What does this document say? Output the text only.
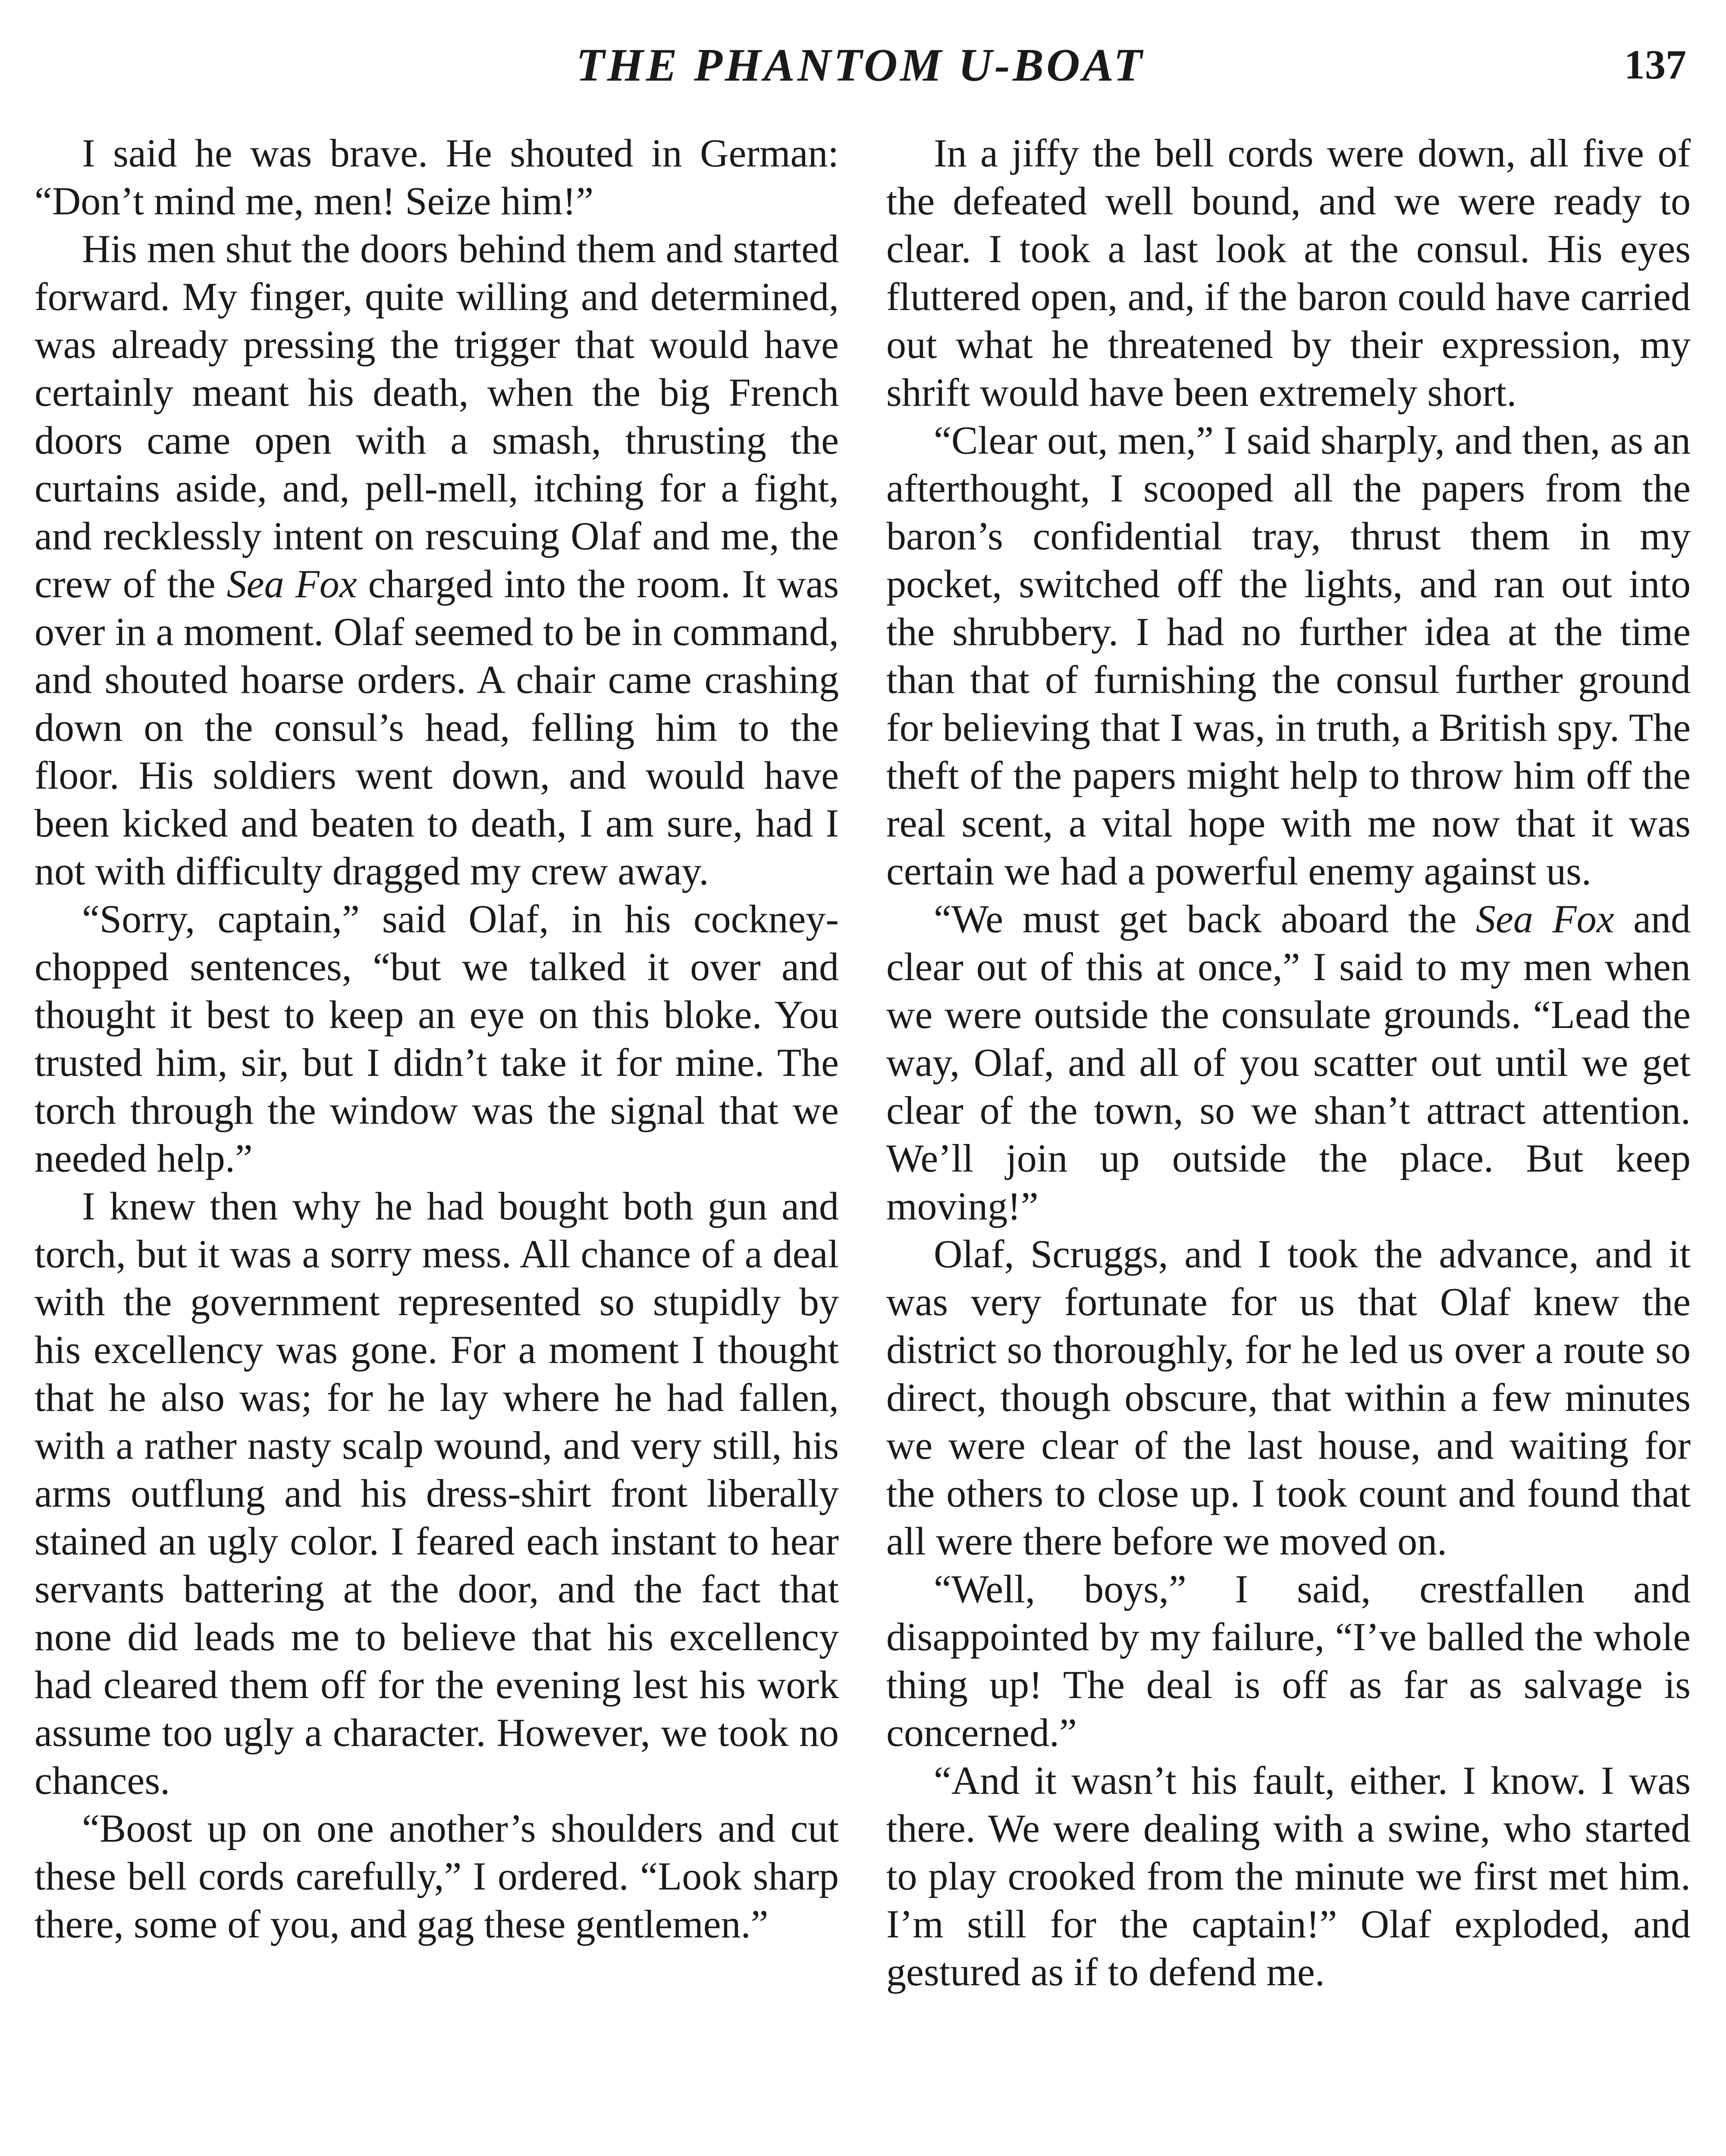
THE PHANTOM U-BOAT	137

I said he was brave. He shouted in German: “Don’t mind me, men! Seize him!”

His men shut the doors behind them and started forward. My finger, quite willing and determined, was already pressing the trigger that would have certainly meant his death, when the big French doors came open with a smash, thrusting the curtains aside, and, pell-mell, itching for a fight, and recklessly intent on rescuing Olaf and me, the crew of the Sea Fox charged into the room. It was over in a moment. Olaf seemed to be in command, and shouted hoarse orders. A chair came crashing down on the consul’s head, felling him to the floor. His soldiers went down, and would have been kicked and beaten to death, I am sure, had I not with difficulty dragged my crew away.

“Sorry, captain,” said Olaf, in his cockney-chopped sentences, “but we talked it over and thought it best to keep an eye on this bloke. You trusted him, sir, but I didn’t take it for mine. The torch through the window was the signal that we needed help.”

I knew then why he had bought both gun and torch, but it was a sorry mess. All chance of a deal with the government represented so stupidly by his excellency was gone. For a moment I thought that he also was; for he lay where he had fallen, with a rather nasty scalp wound, and very still, his arms outflung and his dress-shirt front liberally stained an ugly color. I feared each instant to hear servants battering at the door, and the fact that none did leads me to believe that his excellency had cleared them off for the evening lest his work assume too ugly a character. However, we took no chances.

“Boost up on one another’s shoulders and cut these bell cords carefully,” I ordered. “Look sharp there, some of you, and gag these gentlemen.”

In a jiffy the bell cords were down, all five of the defeated well bound, and we were ready to clear. I took a last look at the consul. His eyes fluttered open, and, if the baron could have carried out what he threatened by their expression, my shrift would have been extremely short.

“Clear out, men,” I said sharply, and then, as an afterthought, I scooped all the papers from the baron’s confidential tray, thrust them in my pocket, switched off the lights, and ran out into the shrubbery. I had no further idea at the time than that of furnishing the consul further ground for believing that I was, in truth, a British spy. The theft of the papers might help to throw him off the real scent, a vital hope with me now that it was certain we had a powerful enemy against us.

“We must get back aboard the Sea Fox and clear out of this at once,” I said to my men when we were outside the consulate grounds. “Lead the way, Olaf, and all of you scatter out until we get clear of the town, so we shan’t attract attention. We’ll join up outside the place. But keep moving!”

Olaf, Scruggs, and I took the advance, and it was very fortunate for us that Olaf knew the district so thoroughly, for he led us over a route so direct, though obscure, that within a few minutes we were clear of the last house, and waiting for the others to close up. I took count and found that all were there before we moved on.

“Well, boys,” I said, crestfallen and disappointed by my failure, “I’ve balled the whole thing up! The deal is off as far as salvage is concerned.”

“And it wasn’t his fault, either. I know. I was there. We were dealing with a swine, who started to play crooked from the minute we first met him. I’m still for the captain!” Olaf exploded, and gestured as if to defend me.
